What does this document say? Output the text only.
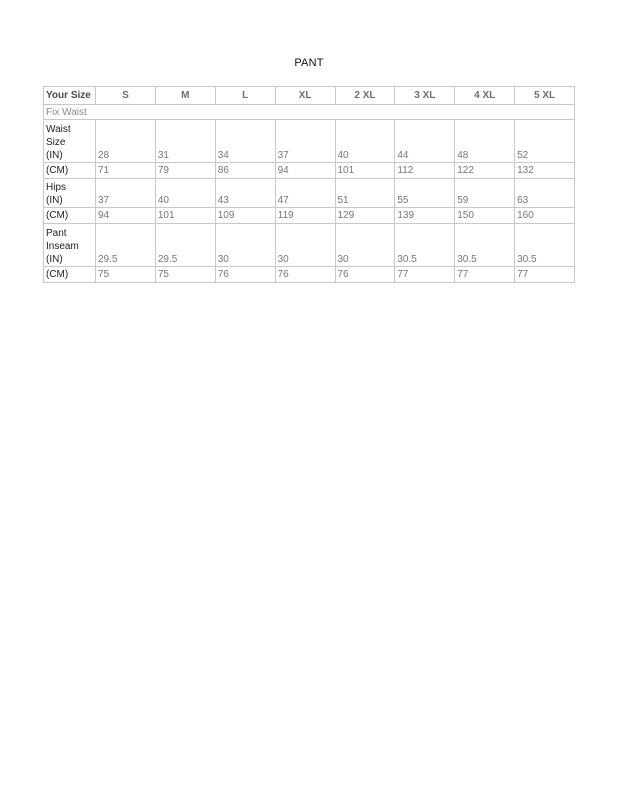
PANT
Your Size	S	M	L	XL	2 XL	3 XL	4 XL	5 XL
Fix Waist								
Waist
Size
(IN)	28	31	34	37	40	44	48	52
(CM)	71	79	86	94	101	112	122	132
Hips
(IN)	37	40	43	47	51	55	59	63
(CM)	94	101	109	119	129	139	150	160
Pant
Inseam
(IN)	29.5	29.5	30	30	30	30.5	30.5	30.5
(CM)	75	75	76	76	76	77	77	77
